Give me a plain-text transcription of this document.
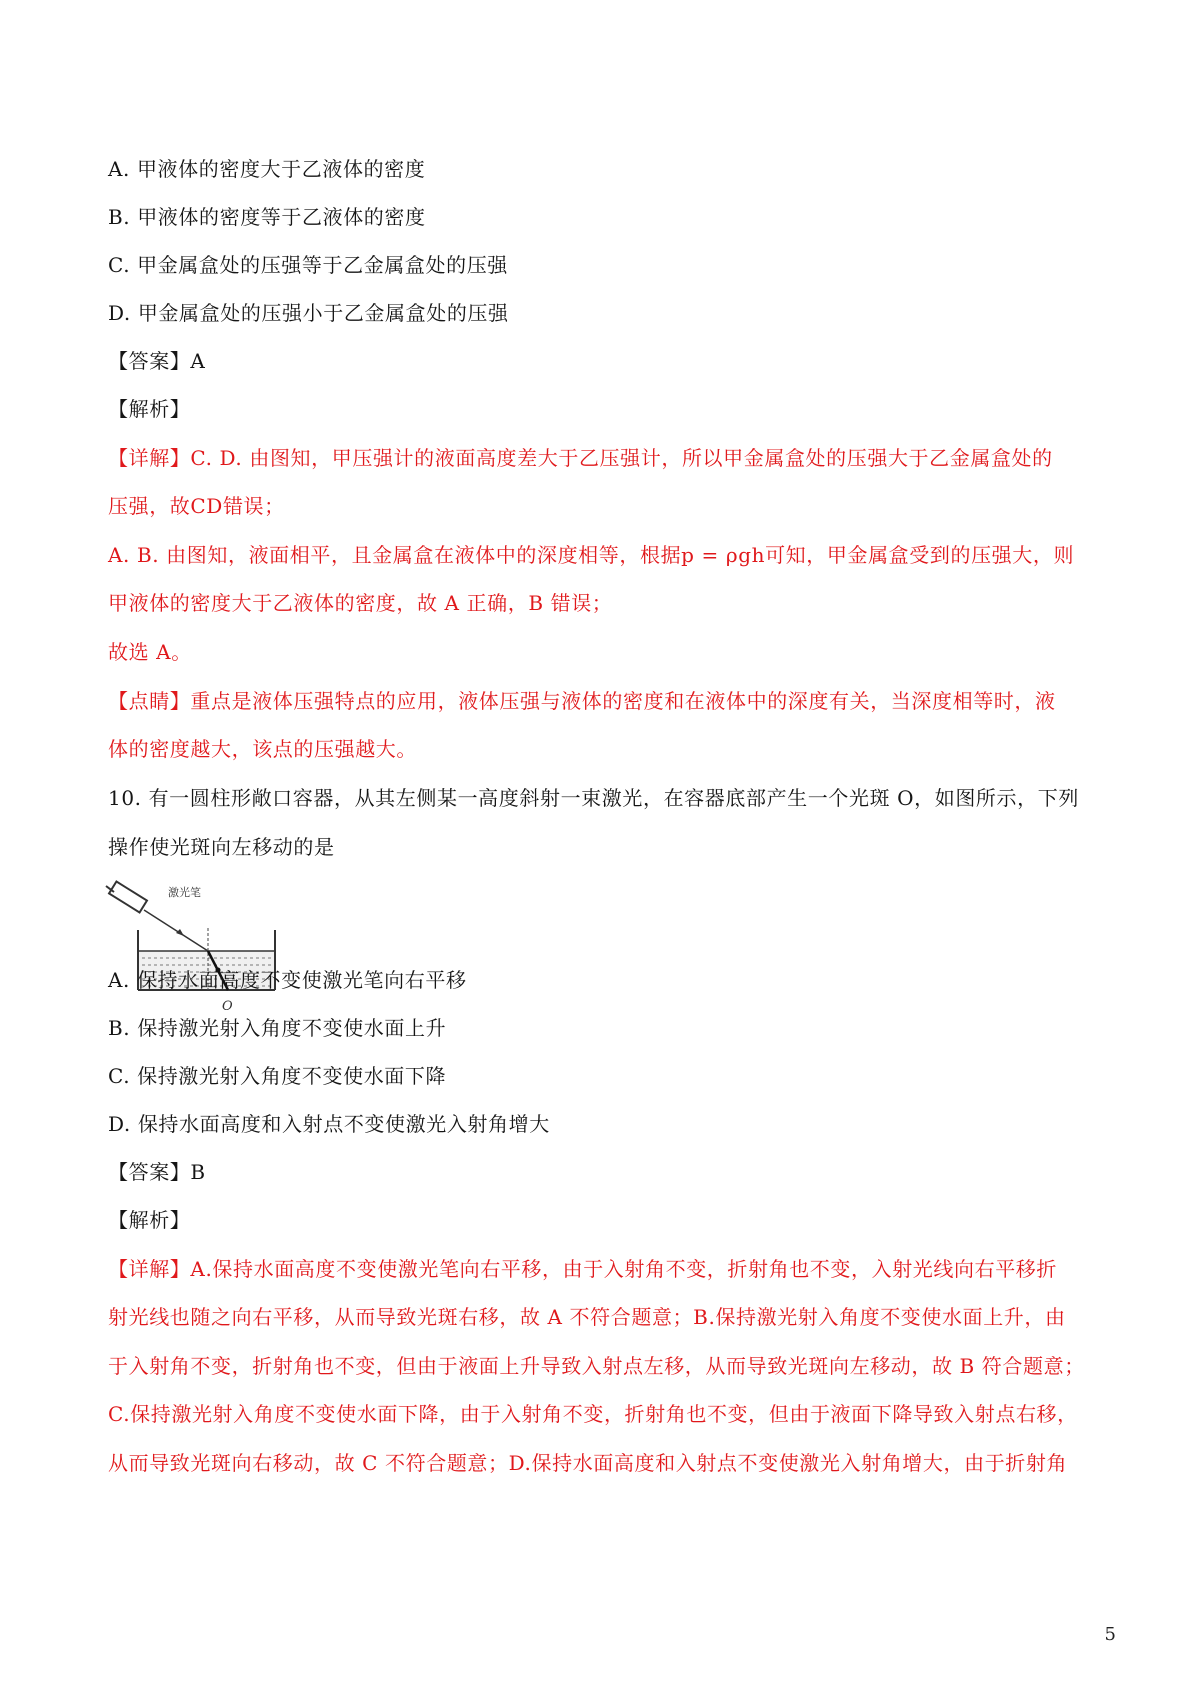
A. 甲液体的密度大于乙液体的密度
B. 甲液体的密度等于乙液体的密度
C. 甲金属盒处的压强等于乙金属盒处的压强
D. 甲金属盒处的压强小于乙金属盒处的压强
【答案】A
【解析】
【详解】C. D. 由图知，甲压强计的液面高度差大于乙压强计，所以甲金属盒处的压强大于乙金属盒处的
压强，故CD错误；
A. B. 由图知，液面相平，且金属盒在液体中的深度相等，根据p = ρgh可知，甲金属盒受到的压强大，则
甲液体的密度大于乙液体的密度，故 A 正确，B 错误；
故选 A。
【点睛】重点是液体压强特点的应用，液体压强与液体的密度和在液体中的深度有关，当深度相等时，液
体的密度越大，该点的压强越大。
10. 有一圆柱形敞口容器，从其左侧某一高度斜射一束激光，在容器底部产生一个光斑 O，如图所示，下列
操作使光斑向左移动的是
激光笔
O
A. 保持水面高度不变使激光笔向右平移
B. 保持激光射入角度不变使水面上升
C. 保持激光射入角度不变使水面下降
D. 保持水面高度和入射点不变使激光入射角增大
【答案】B
【解析】
【详解】A.保持水面高度不变使激光笔向右平移，由于入射角不变，折射角也不变，入射光线向右平移折
射光线也随之向右平移，从而导致光斑右移，故 A 不符合题意；B.保持激光射入角度不变使水面上升，由
于入射角不变，折射角也不变，但由于液面上升导致入射点左移，从而导致光斑向左移动，故 B 符合题意；
C.保持激光射入角度不变使水面下降，由于入射角不变，折射角也不变，但由于液面下降导致入射点右移，
从而导致光斑向右移动，故 C 不符合题意；D.保持水面高度和入射点不变使激光入射角增大，由于折射角
5
